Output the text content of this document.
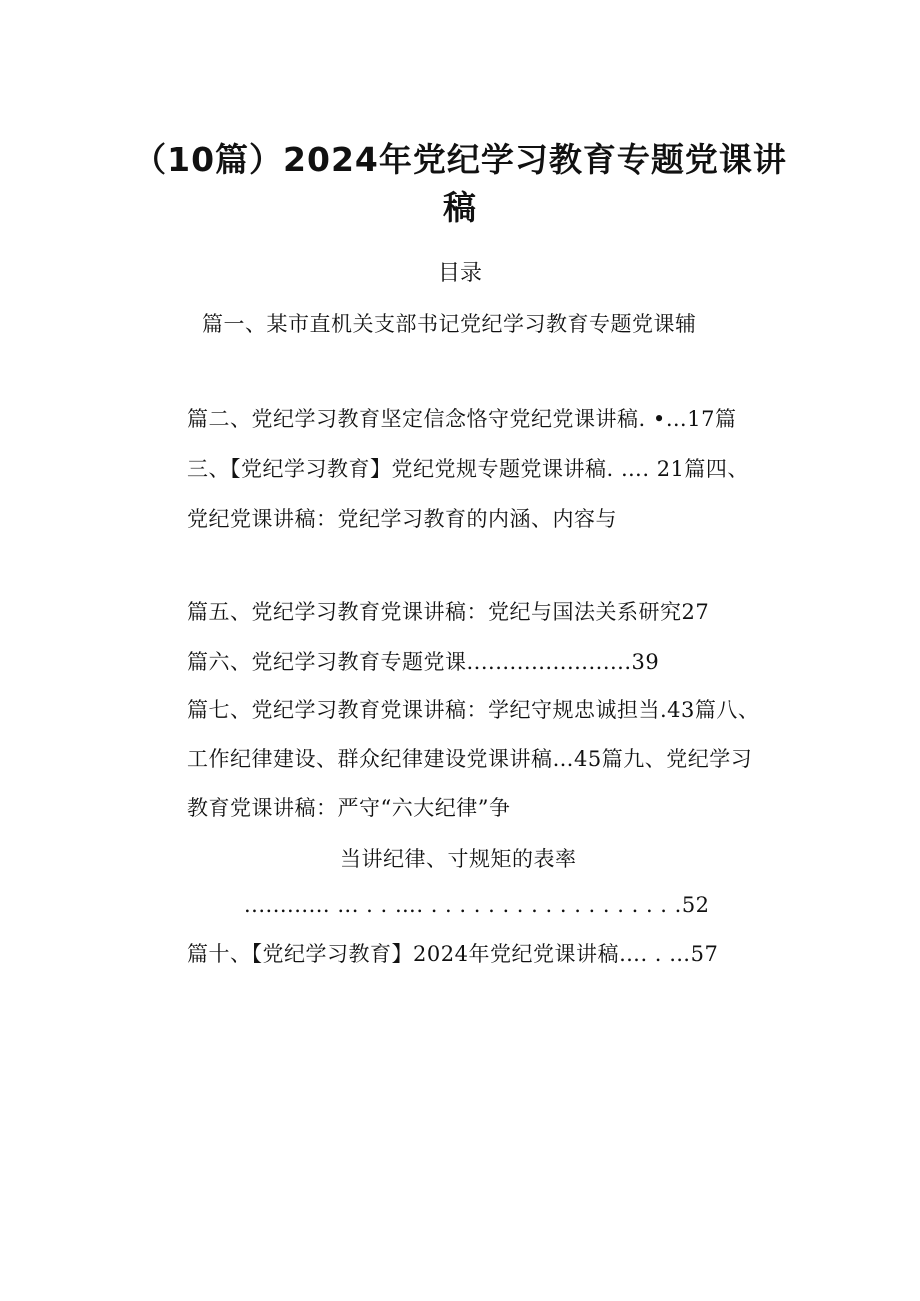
（10篇）2024年党纪学习教育专题党课讲
稿
目录
篇一、某市直机关支部书记党纪学习教育专题党课辅
篇二、党纪学习教育坚定信念恪守党纪党课讲稿. •…17篇
三、【党纪学习教育】党纪党规专题党课讲稿. …. 21篇四、
党纪党课讲稿：党纪学习教育的内涵、内容与
篇五、党纪学习教育党课讲稿：党纪与国法关系研究27
篇六、党纪学习教育专题党课.......................39
篇七、党纪学习教育党课讲稿：学纪守规忠诚担当.43篇八、
工作纪律建设、群众纪律建设党课讲稿…45篇九、党纪学习
教育党课讲稿：严守“六大纪律”争
当讲纪律、寸规矩的表率
............ ‥. . . …. . . . . . . . . . . . . . . . . . .52
篇十、【党纪学习教育】2024年党纪党课讲稿…. . …57
